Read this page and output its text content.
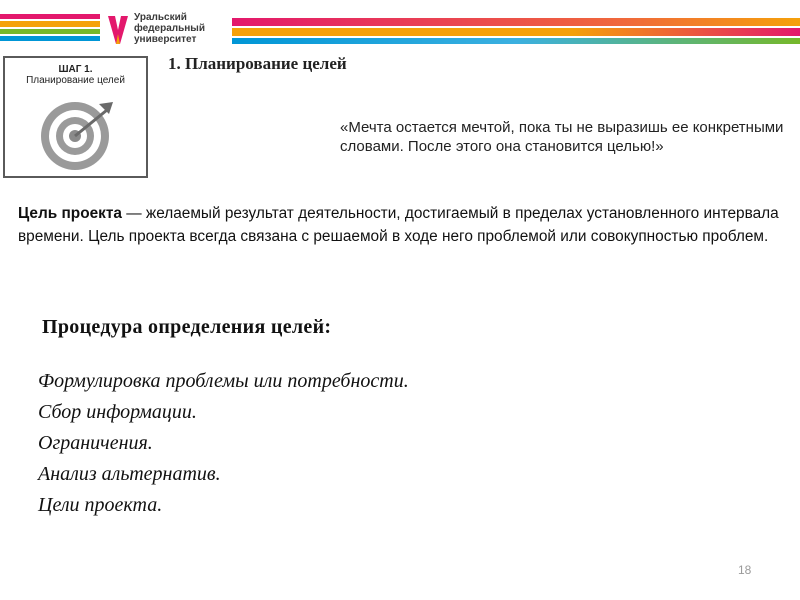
Уральский
федеральный
университет
ШАГ 1.
Планирование целей
1. Планирование целей
«Мечта остается мечтой, пока ты не выразишь ее конкретными словами. После этого она становится целью!»
Цель проекта — желаемый результат деятельности, достигаемый в пределах установленного интервала времени. Цель проекта всегда связана с решаемой в ходе него проблемой или совокупностью проблем.
Процедура определения целей:
Формулировка проблемы или потребности.
Сбор информации.
Ограничения.
Анализ альтернатив.
Цели проекта.
18
